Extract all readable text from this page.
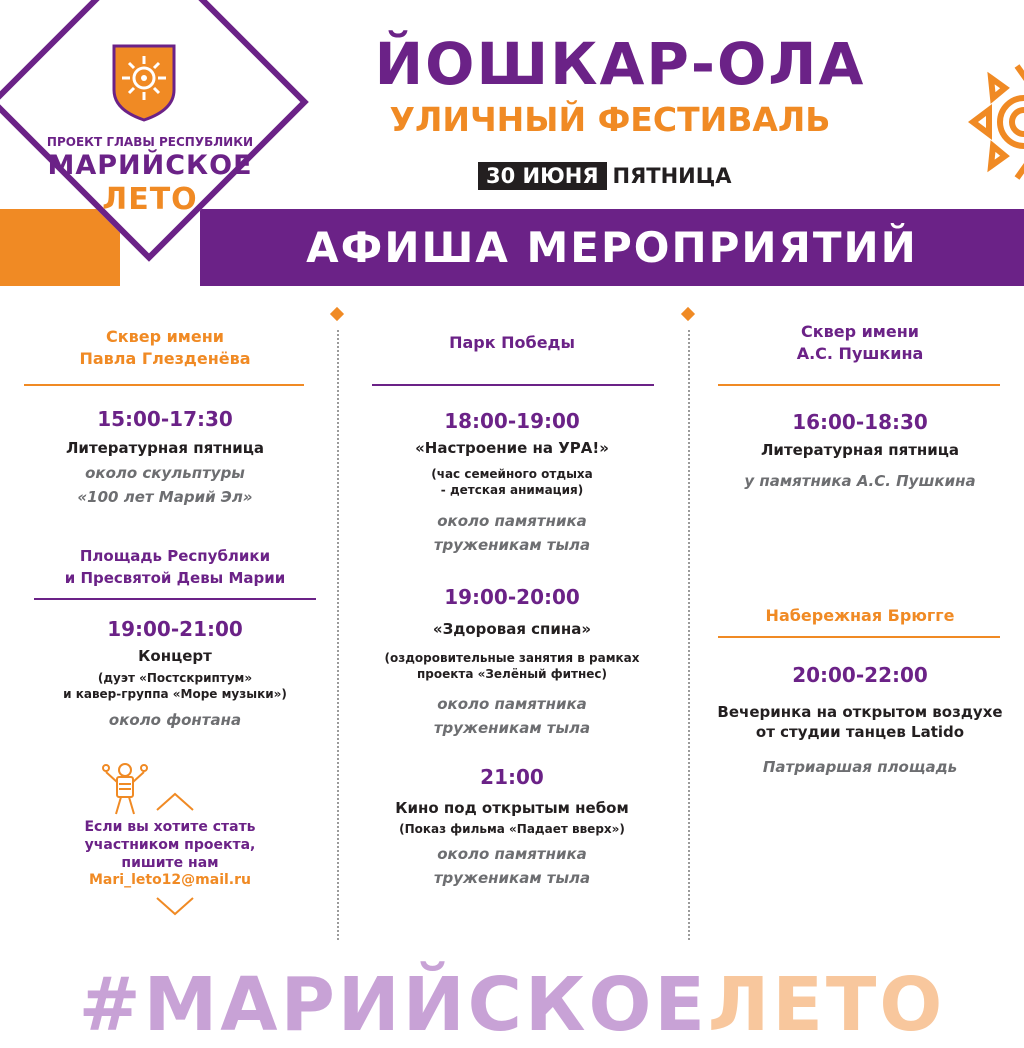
ЙОШКАР-ОЛА
УЛИЧНЫЙ ФЕСТИВАЛЬ
30 ИЮНЯ ПЯТНИЦА
АФИША МЕРОПРИЯТИЙ
ПРОЕКТ ГЛАВЫ РЕСПУБЛИКИ
МАРИЙСКОЕ
ЛЕТО
Сквер имени
Павла Глезденёва
15:00-17:30
Литературная пятница
около скульптуры
«100 лет Марий Эл»
Площадь Республики
и Пресвятой Девы Марии
19:00-21:00
Концерт
(дуэт «Постскриптум»
и кавер-группа «Море музыки»)
около фонтана
Если вы хотите стать
участником проекта,
пишите нам
Mari_leto12@mail.ru
Парк Победы
18:00-19:00
«Настроение на УРА!»
(час семейного отдыха
- детская анимация)
около памятника
труженикам тыла
19:00-20:00
«Здоровая спина»
(оздоровительные занятия в рамках
проекта «Зелёный фитнес)
около памятника
труженикам тыла
21:00
Кино под открытым небом
(Показ фильма «Падает вверх»)
около памятника
труженикам тыла
Сквер имени
А.С. Пушкина
16:00-18:30
Литературная пятница
у памятника А.С. Пушкина
Набережная Брюгге
20:00-22:00
Вечеринка на открытом воздухе
от студии танцев Latido
Патриаршая площадь
#МАРИЙСКОЕЛЕТО
